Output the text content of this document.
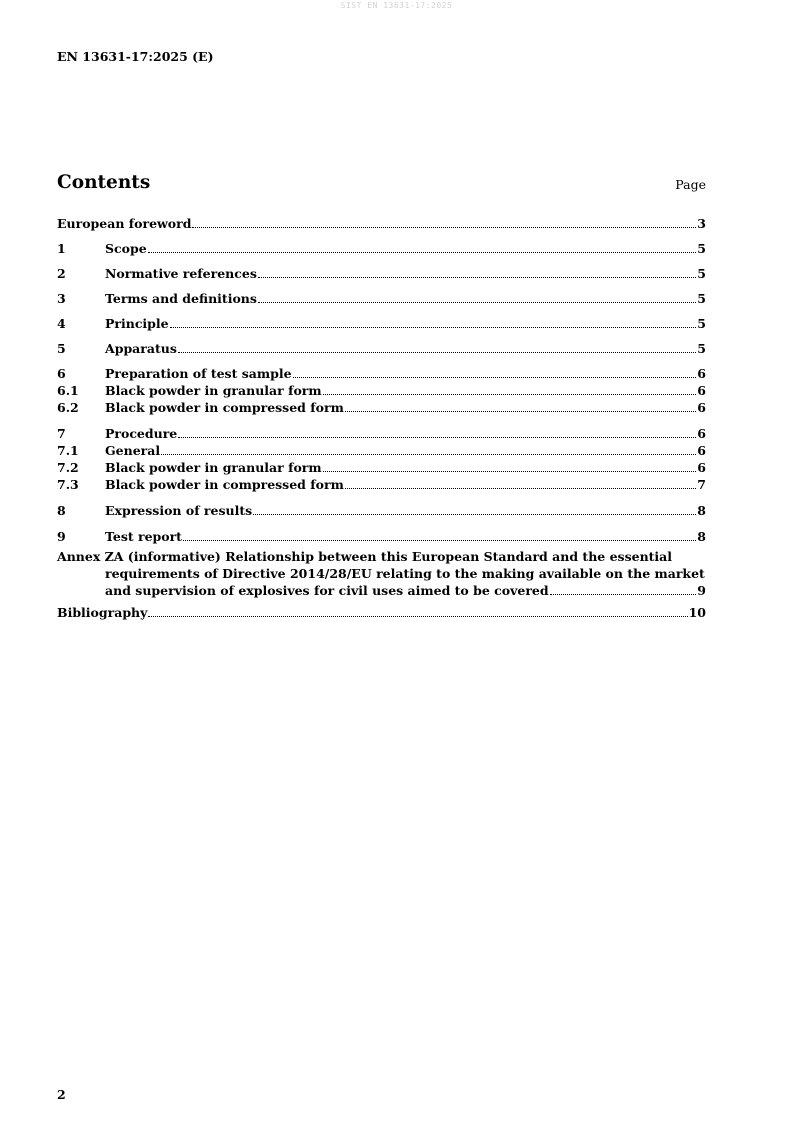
SIST EN 13631-17:2025
EN 13631-17:2025 (E)
Contents	Page
European foreword	3
1	Scope	5
2	Normative references	5
3	Terms and definitions	5
4	Principle	5
5	Apparatus	5
6	Preparation of test sample	6
6.1	Black powder in granular form	6
6.2	Black powder in compressed form	6
7	Procedure	6
7.1	General	6
7.2	Black powder in granular form	6
7.3	Black powder in compressed form	7
8	Expression of results	8
9	Test report	8
Annex ZA (informative) Relationship between this European Standard and the essential
requirements of Directive 2014/28/EU relating to the making available on the market
and supervision of explosives for civil uses aimed to be covered	9
Bibliography	10
2
